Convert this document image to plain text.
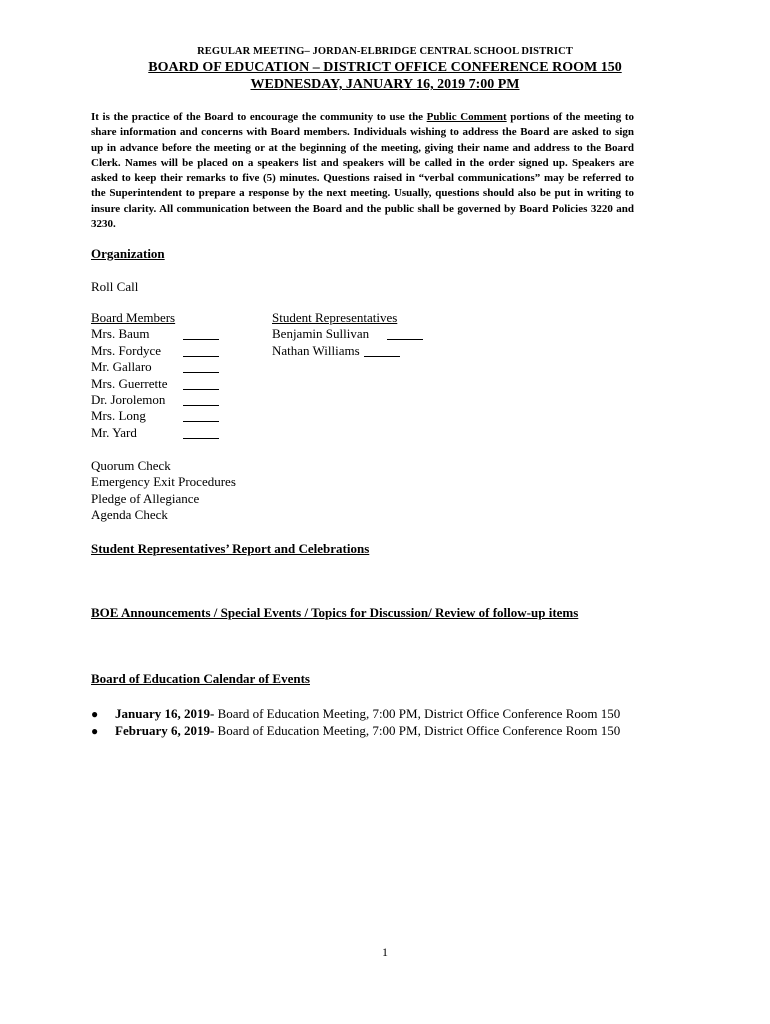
REGULAR MEETING– JORDAN-ELBRIDGE CENTRAL SCHOOL DISTRICT
BOARD OF EDUCATION – DISTRICT OFFICE CONFERENCE ROOM 150
WEDNESDAY, JANUARY 16, 2019 7:00 PM
It is the practice of the Board to encourage the community to use the Public Comment portions of the meeting to share information and concerns with Board members. Individuals wishing to address the Board are asked to sign up in advance before the meeting or at the beginning of the meeting, giving their name and address to the Board Clerk. Names will be placed on a speakers list and speakers will be called in the order signed up. Speakers are asked to keep their remarks to five (5) minutes. Questions raised in “verbal communications” may be referred to the Superintendent to prepare a response by the next meeting. Usually, questions should also be put in writing to insure clarity. All communication between the Board and the public shall be governed by Board Policies 3220 and 3230.
Organization
Roll Call
Board Members
Mrs. Baum
Mrs. Fordyce
Mr. Gallaro
Mrs. Guerrette
Dr. Jorolemon
Mrs. Long
Mr. Yard
Student Representatives
Benjamin Sullivan
Nathan Williams
Quorum Check
Emergency Exit Procedures
Pledge of Allegiance
Agenda Check
Student Representatives’ Report and Celebrations
BOE Announcements / Special Events / Topics for Discussion/ Review of follow-up items
Board of Education Calendar of Events
●	January 16, 2019- Board of Education Meeting, 7:00 PM, District Office Conference Room 150
●	February 6, 2019- Board of Education Meeting, 7:00 PM, District Office Conference Room 150
1
